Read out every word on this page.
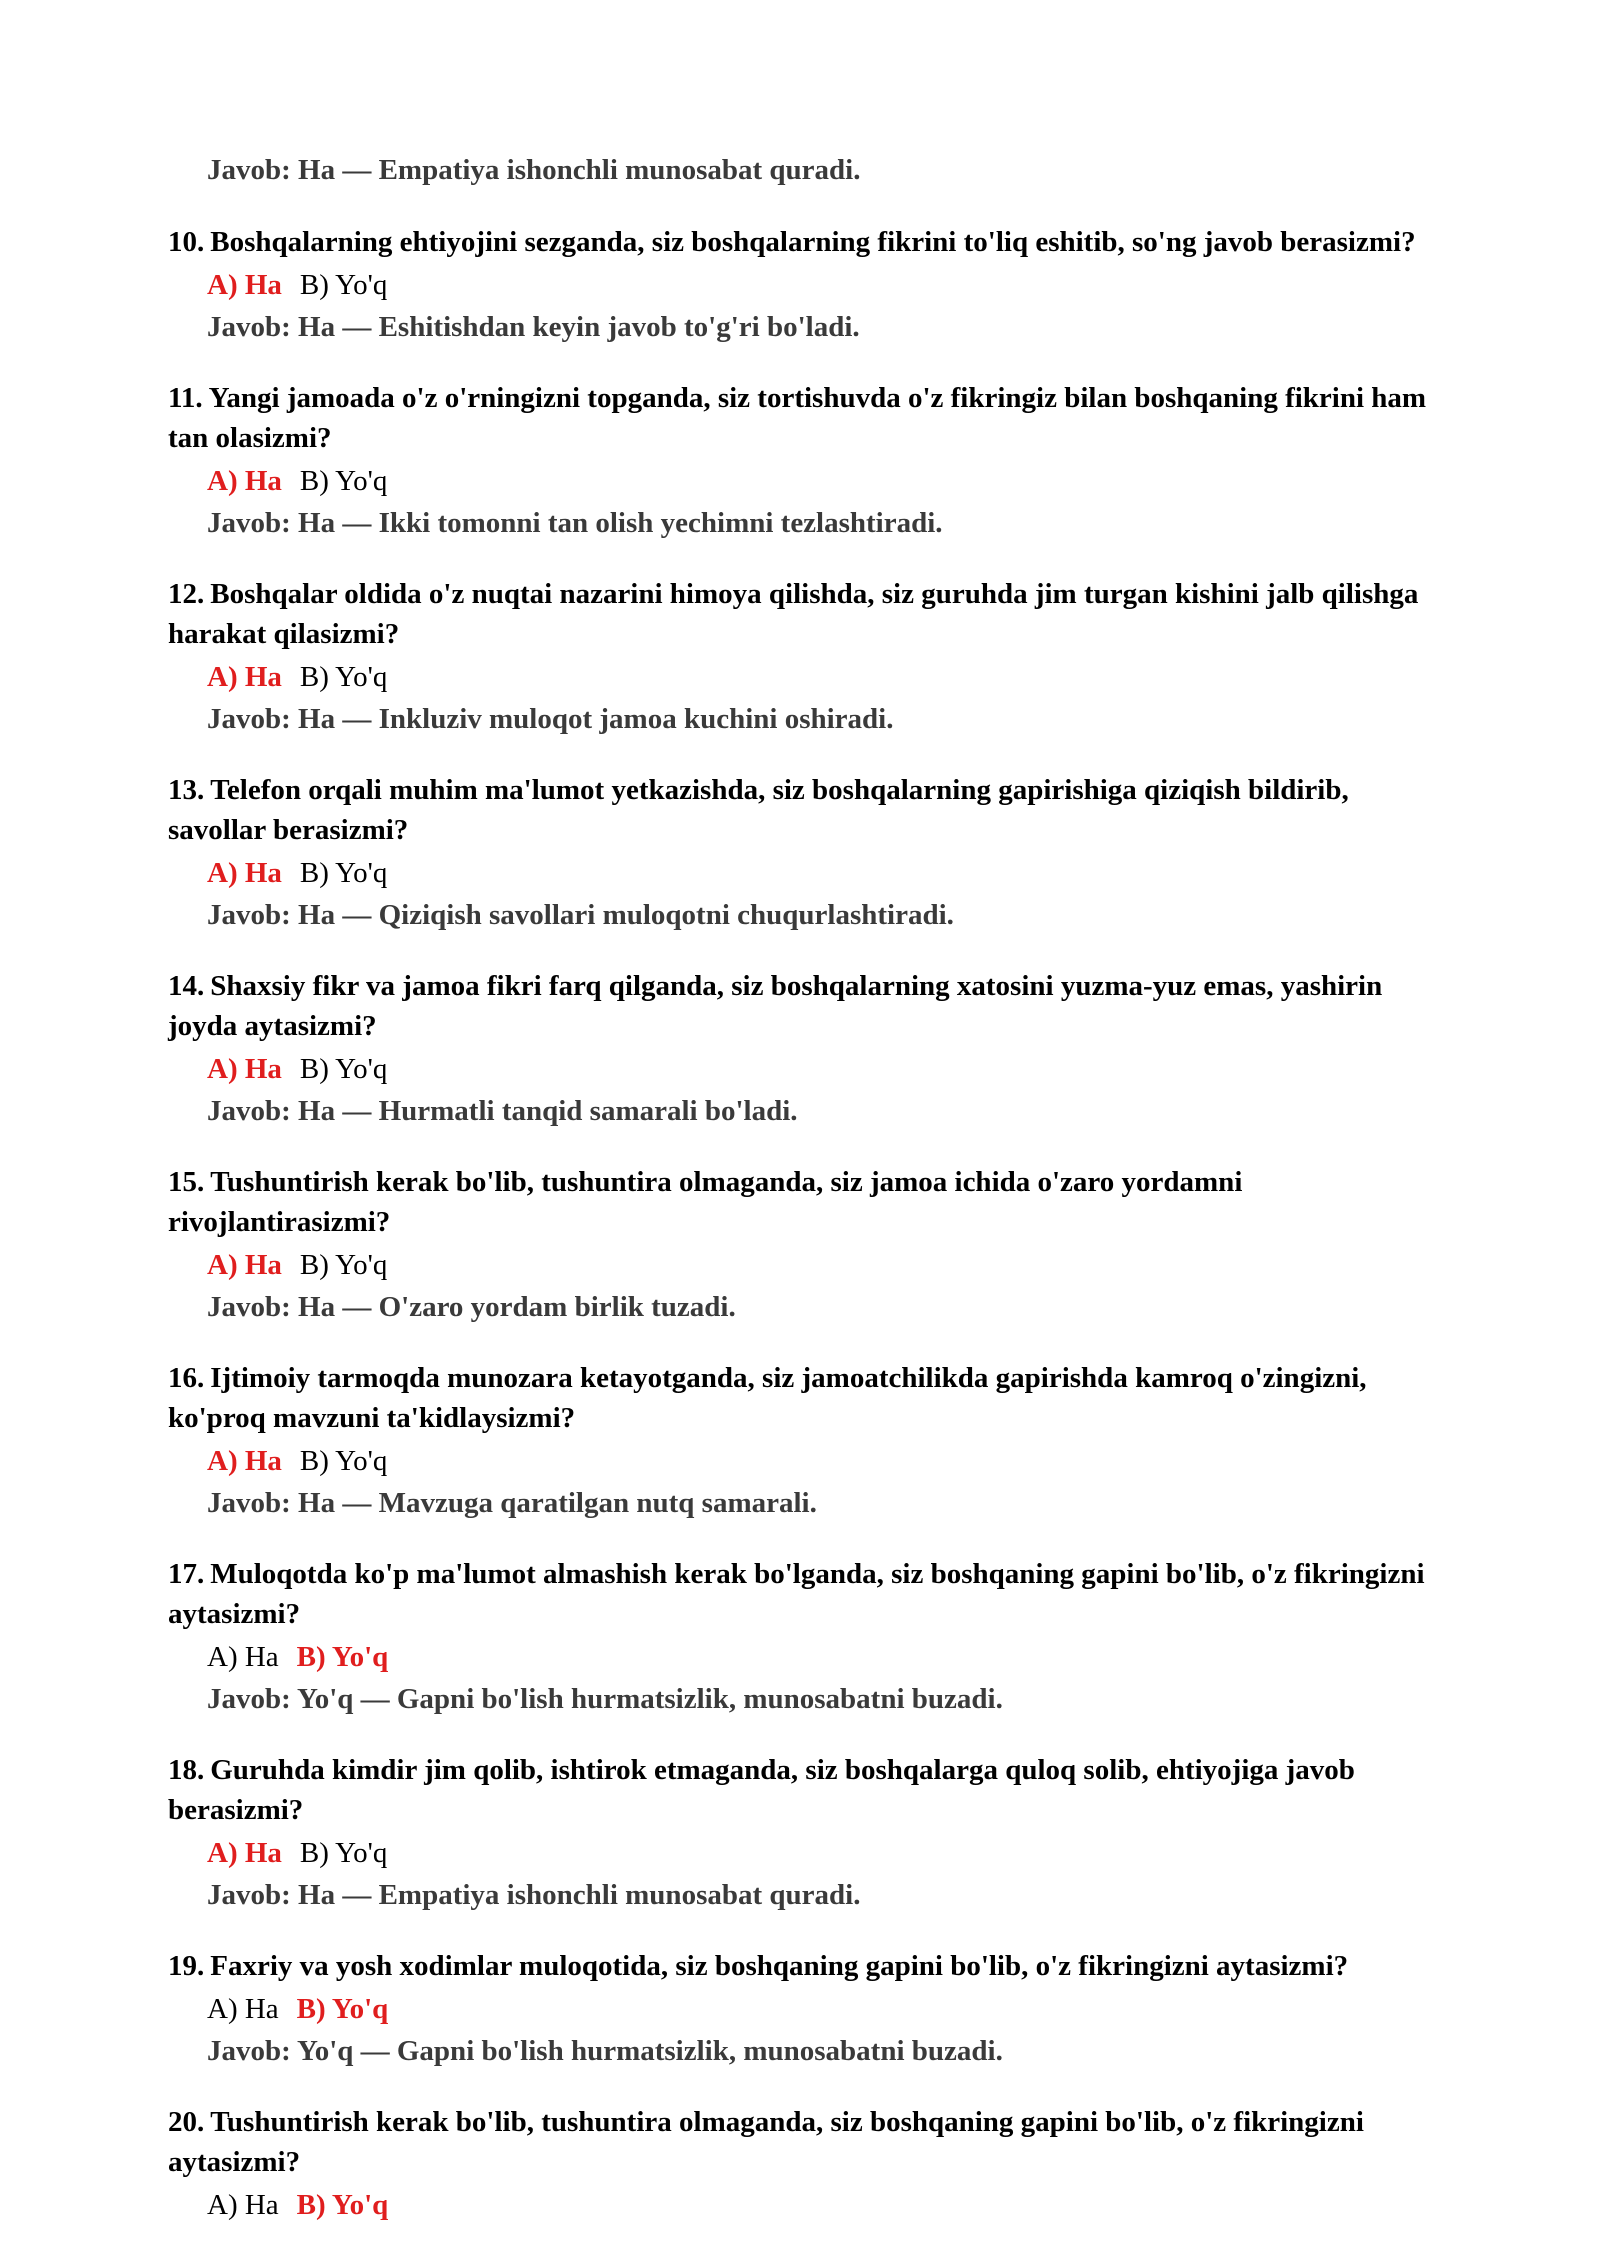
Javob: Ha — Empatiya ishonchli munosabat quradi.
10. Boshqalarning ehtiyojini sezganda, siz boshqalarning fikrini to'liq eshitib, so'ng javob berasizmi?
A) Ha B) Yo'q
Javob: Ha — Eshitishdan keyin javob to'g'ri bo'ladi.
11. Yangi jamoada o'z o'rningizni topganda, siz tortishuvda o'z fikringiz bilan boshqaning fikrini ham tan olasizmi?
A) Ha B) Yo'q
Javob: Ha — Ikki tomonni tan olish yechimni tezlashtiradi.
12. Boshqalar oldida o'z nuqtai nazarini himoya qilishda, siz guruhda jim turgan kishini jalb qilishga harakat qilasizmi?
A) Ha B) Yo'q
Javob: Ha — Inkluziv muloqot jamoa kuchini oshiradi.
13. Telefon orqali muhim ma'lumot yetkazishda, siz boshqalarning gapirishiga qiziqish bildirib, savollar berasizmi?
A) Ha B) Yo'q
Javob: Ha — Qiziqish savollari muloqotni chuqurlashtiradi.
14. Shaxsiy fikr va jamoa fikri farq qilganda, siz boshqalarning xatosini yuzma-yuz emas, yashirin joyda aytasizmi?
A) Ha B) Yo'q
Javob: Ha — Hurmatli tanqid samarali bo'ladi.
15. Tushuntirish kerak bo'lib, tushuntira olmaganda, siz jamoa ichida o'zaro yordamni rivojlantirasizmi?
A) Ha B) Yo'q
Javob: Ha — O'zaro yordam birlik tuzadi.
16. Ijtimoiy tarmoqda munozara ketayotganda, siz jamoatchilikda gapirishda kamroq o'zingizni, ko'proq mavzuni ta'kidlaysizmi?
A) Ha B) Yo'q
Javob: Ha — Mavzuga qaratilgan nutq samarali.
17. Muloqotda ko'p ma'lumot almashish kerak bo'lganda, siz boshqaning gapini bo'lib, o'z fikringizni aytasizmi?
A) Ha B) Yo'q
Javob: Yo'q — Gapni bo'lish hurmatsizlik, munosabatni buzadi.
18. Guruhda kimdir jim qolib, ishtirok etmaganda, siz boshqalarga quloq solib, ehtiyojiga javob berasizmi?
A) Ha B) Yo'q
Javob: Ha — Empatiya ishonchli munosabat quradi.
19. Faxriy va yosh xodimlar muloqotida, siz boshqaning gapini bo'lib, o'z fikringizni aytasizmi?
A) Ha B) Yo'q
Javob: Yo'q — Gapni bo'lish hurmatsizlik, munosabatni buzadi.
20. Tushuntirish kerak bo'lib, tushuntira olmaganda, siz boshqaning gapini bo'lib, o'z fikringizni aytasizmi?
A) Ha B) Yo'q
